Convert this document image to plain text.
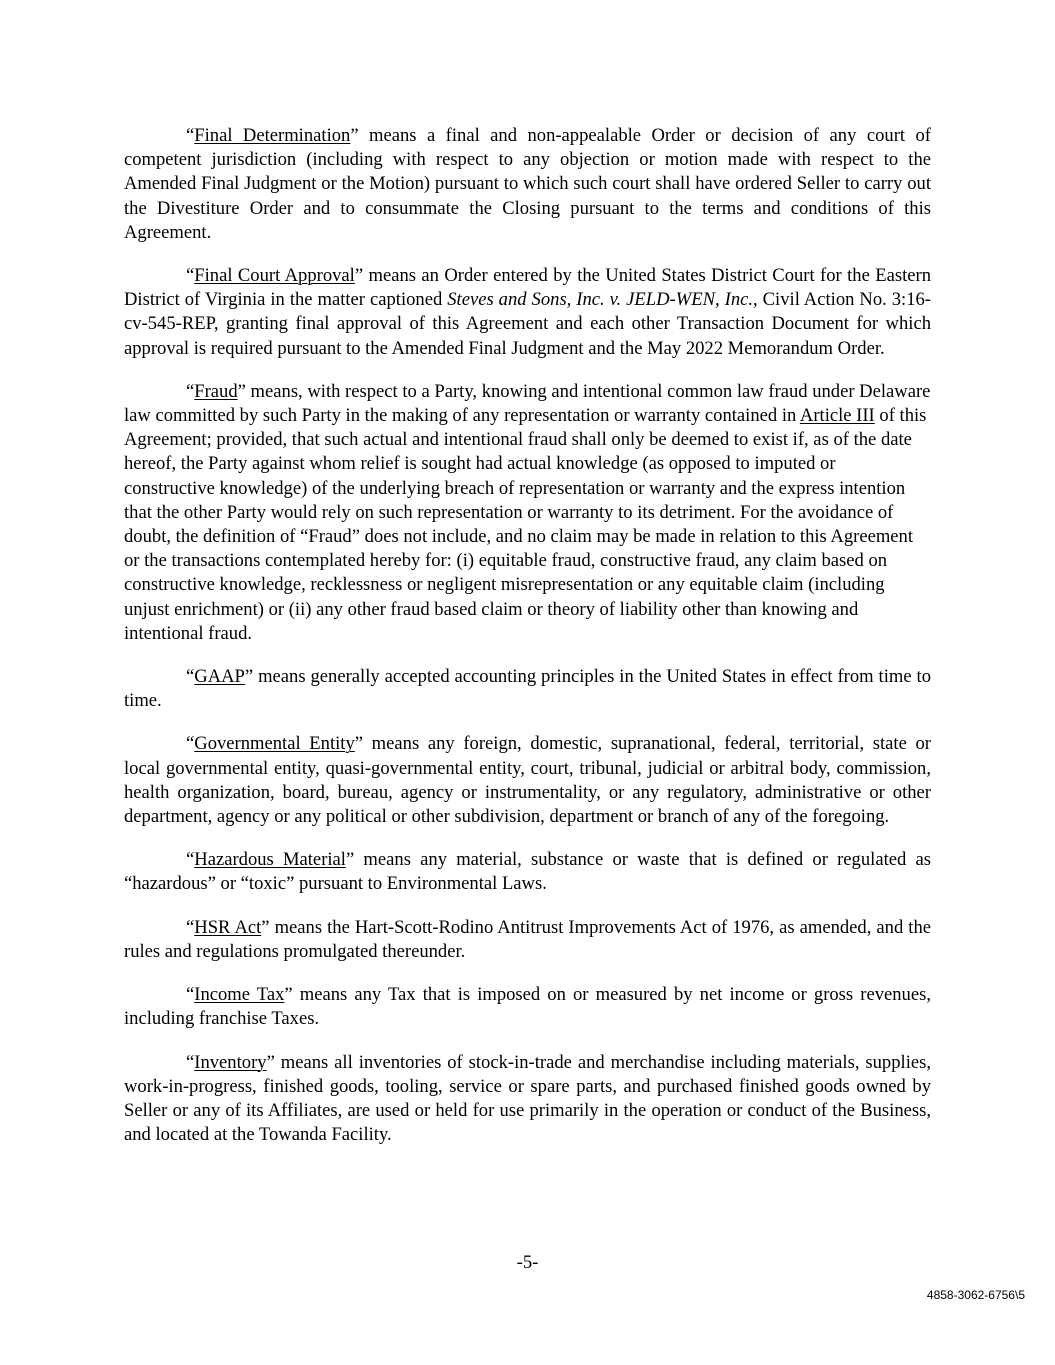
“Final Determination” means a final and non-appealable Order or decision of any court of competent jurisdiction (including with respect to any objection or motion made with respect to the Amended Final Judgment or the Motion) pursuant to which such court shall have ordered Seller to carry out the Divestiture Order and to consummate the Closing pursuant to the terms and conditions of this Agreement.

“Final Court Approval” means an Order entered by the United States District Court for the Eastern District of Virginia in the matter captioned Steves and Sons, Inc. v. JELD-WEN, Inc., Civil Action No. 3:16-cv-545-REP, granting final approval of this Agreement and each other Transaction Document for which approval is required pursuant to the Amended Final Judgment and the May 2022 Memorandum Order.

“Fraud” means, with respect to a Party, knowing and intentional common law fraud under Delaware law committed by such Party in the making of any representation or warranty contained in Article III of this Agreement; provided, that such actual and intentional fraud shall only be deemed to exist if, as of the date hereof, the Party against whom relief is sought had actual knowledge (as opposed to imputed or constructive knowledge) of the underlying breach of representation or warranty and the express intention that the other Party would rely on such representation or warranty to its detriment. For the avoidance of doubt, the definition of “Fraud” does not include, and no claim may be made in relation to this Agreement or the transactions contemplated hereby for: (i) equitable fraud, constructive fraud, any claim based on constructive knowledge, recklessness or negligent misrepresentation or any equitable claim (including unjust enrichment) or (ii) any other fraud based claim or theory of liability other than knowing and intentional fraud.

“GAAP” means generally accepted accounting principles in the United States in effect from time to time.

“Governmental Entity” means any foreign, domestic, supranational, federal, territorial, state or local governmental entity, quasi-governmental entity, court, tribunal, judicial or arbitral body, commission, health organization, board, bureau, agency or instrumentality, or any regulatory, administrative or other department, agency or any political or other subdivision, department or branch of any of the foregoing.

“Hazardous Material” means any material, substance or waste that is defined or regulated as “hazardous” or “toxic” pursuant to Environmental Laws.

“HSR Act” means the Hart-Scott-Rodino Antitrust Improvements Act of 1976, as amended, and the rules and regulations promulgated thereunder.

“Income Tax” means any Tax that is imposed on or measured by net income or gross revenues, including franchise Taxes.

“Inventory” means all inventories of stock-in-trade and merchandise including materials, supplies, work-in-progress, finished goods, tooling, service or spare parts, and purchased finished goods owned by Seller or any of its Affiliates, are used or held for use primarily in the operation or conduct of the Business, and located at the Towanda Facility.

-5-
4858-3062-6756\5
